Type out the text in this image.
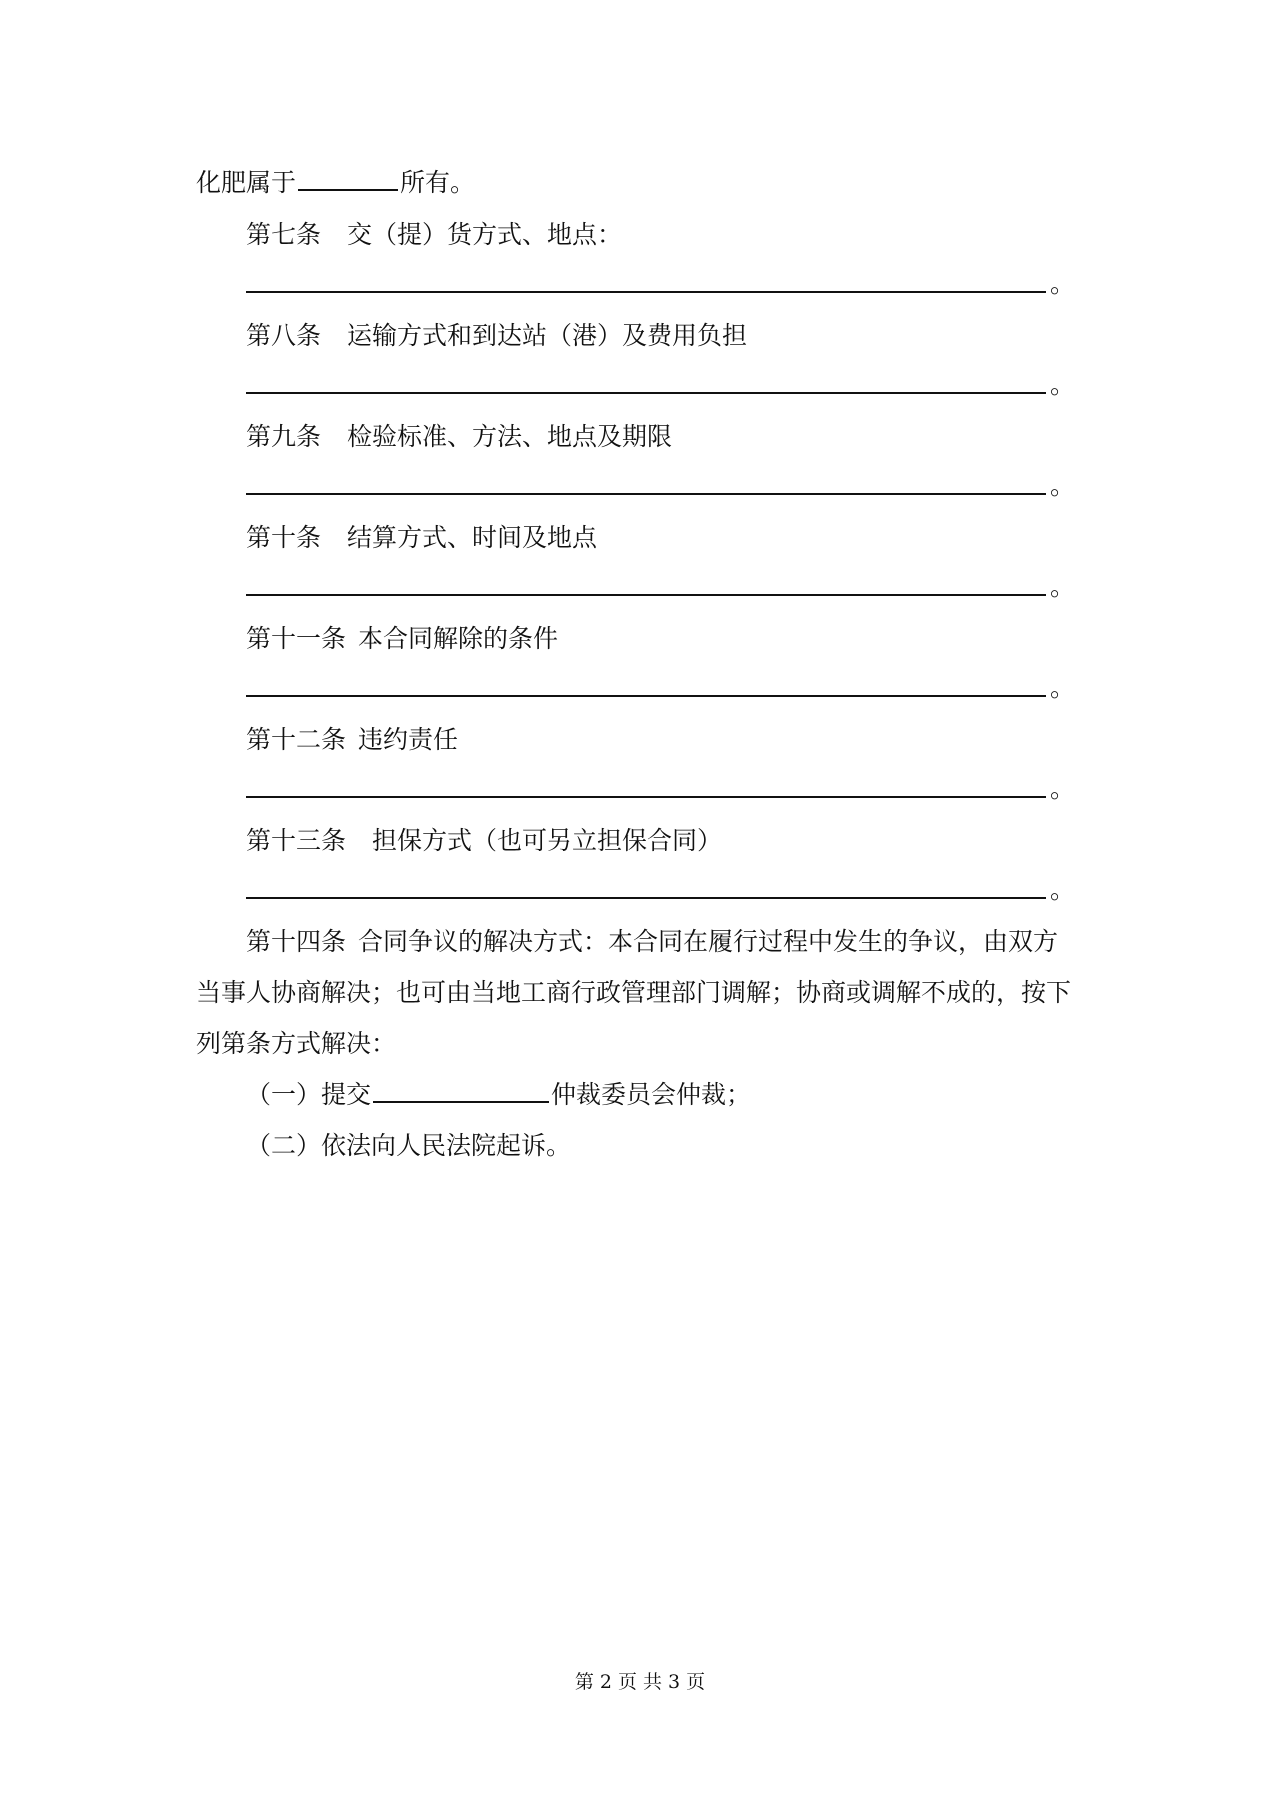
化肥属于	所有。
第七条 交（提）货方式、地点：
。
第八条 运输方式和到达站（港）及费用负担
。
第九条 检验标准、方法、地点及期限
。
第十条 结算方式、时间及地点
。
第十一条 本合同解除的条件
。
第十二条 违约责任
。
第十三条 担保方式（也可另立担保合同）
。
第十四条 合同争议的解决方式：本合同在履行过程中发生的争议，由双方
当事人协商解决；也可由当地工商行政管理部门调解；协商或调解不成的，按下
列第条方式解决：
（一）提交	仲裁委员会仲裁；
（二）依法向人民法院起诉。
第 2 页 共 3 页
